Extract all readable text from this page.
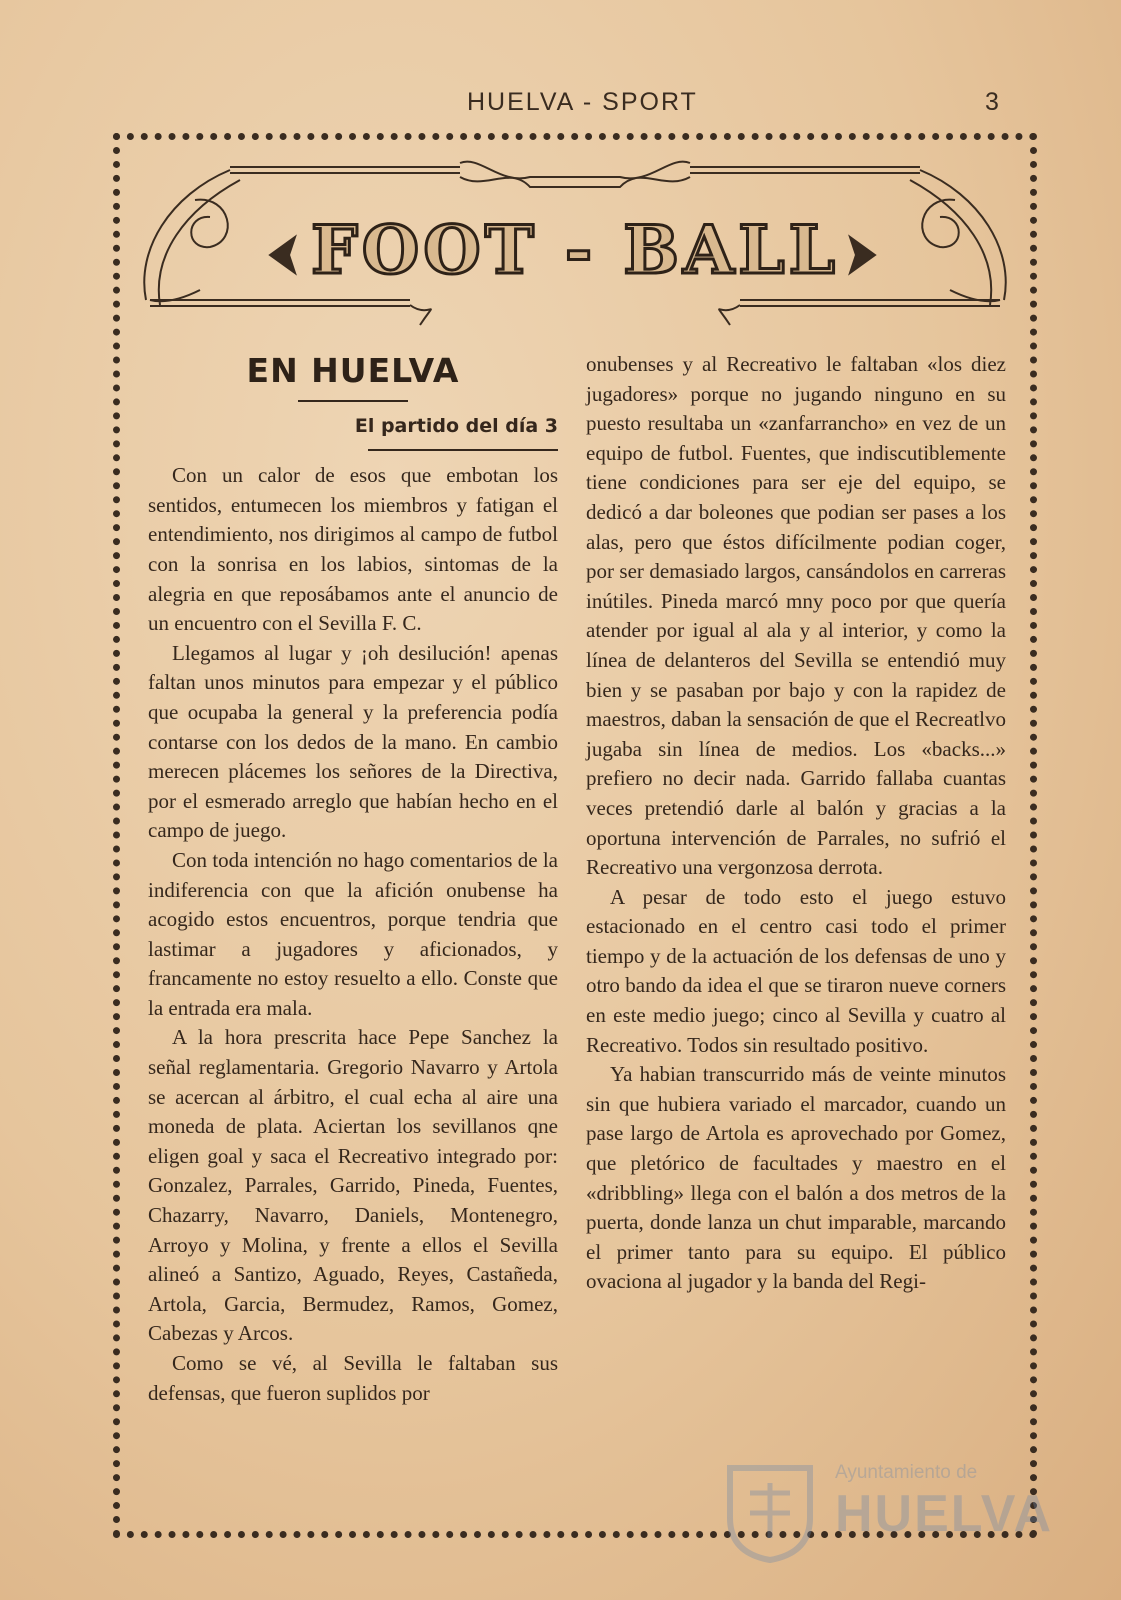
HUELVA - SPORT	3
FOOT - BALL
EN HUELVA
El partido del día 3

Con un calor de esos que embotan los sentidos, entumecen los miembros y fatigan el entendimiento, nos dirigimos al campo de futbol con la sonrisa en los labios, sintomas de la alegria en que reposábamos ante el anuncio de un encuentro con el Sevilla F. C.

Llegamos al lugar y ¡oh desilución! apenas faltan unos minutos para empezar y el público que ocupaba la general y la preferencia podía contarse con los dedos de la mano. En cambio merecen plácemes los señores de la Directiva, por el esmerado arreglo que habían hecho en el campo de juego.

Con toda intención no hago comentarios de la indiferencia con que la afición onubense ha acogido estos encuentros, porque tendria que lastimar a jugadores y aficionados, y francamente no estoy resuelto a ello. Conste que la entrada era mala.

A la hora prescrita hace Pepe Sanchez la señal reglamentaria. Gregorio Navarro y Artola se acercan al árbitro, el cual echa al aire una moneda de plata. Aciertan los sevillanos qne eligen goal y saca el Recreativo integrado por: Gonzalez, Parrales, Garrido, Pineda, Fuentes, Chazarry, Navarro, Daniels, Montenegro, Arroyo y Molina, y frente a ellos el Sevilla alineó a Santizo, Aguado, Reyes, Castañeda, Artola, Garcia, Bermudez, Ramos, Gomez, Cabezas y Arcos.

Como se vé, al Sevilla le faltaban sus defensas, que fueron suplidos por

onubenses y al Recreativo le faltaban «los diez jugadores» porque no jugando ninguno en su puesto resultaba un «zanfarrancho» en vez de un equipo de futbol. Fuentes, que indiscutiblemente tiene condiciones para ser eje del equipo, se dedicó a dar boleones que podian ser pases a los alas, pero que éstos difícilmente podian coger, por ser demasiado largos, cansándolos en carreras inútiles. Pineda marcó mny poco por que quería atender por igual al ala y al interior, y como la línea de delanteros del Sevilla se entendió muy bien y se pasaban por bajo y con la rapidez de maestros, daban la sensación de que el Recreatlvo jugaba sin línea de medios. Los «backs...» prefiero no decir nada. Garrido fallaba cuantas veces pretendió darle al balón y gracias a la oportuna intervención de Parrales, no sufrió el Recreativo una vergonzosa derrota.

A pesar de todo esto el juego estuvo estacionado en el centro casi todo el primer tiempo y de la actuación de los defensas de uno y otro bando da idea el que se tiraron nueve corners en este medio juego; cinco al Sevilla y cuatro al Recreativo. Todos sin resultado positivo.

Ya habian transcurrido más de veinte minutos sin que hubiera variado el marcador, cuando un pase largo de Artola es aprovechado por Gomez, que pletórico de facultades y maestro en el «dribbling» llega con el balón a dos metros de la puerta, donde lanza un chut imparable, marcando el primer tanto para su equipo. El público ovaciona al jugador y la banda del Regi-

Ayuntamiento de
HUELVA
